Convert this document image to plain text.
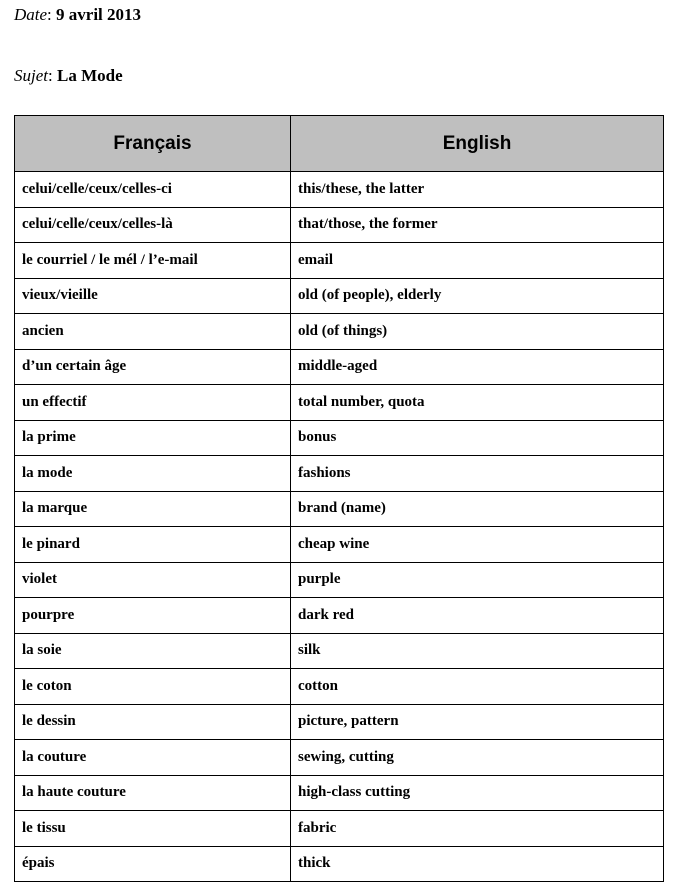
Date: 9 avril 2013
Sujet: La Mode
Français	English
celui/celle/ceux/celles-ci	this/these, the latter
celui/celle/ceux/celles-là	that/those, the former
le courriel / le mél / l’e-mail	email
vieux/vieille	old (of people), elderly
ancien	old (of things)
d’un certain âge	middle-aged
un effectif	total number, quota
la prime	bonus
la mode	fashions
la marque	brand (name)
le pinard	cheap wine
violet	purple
pourpre	dark red
la soie	silk
le coton	cotton
le dessin	picture, pattern
la couture	sewing, cutting
la haute couture	high-class cutting
le tissu	fabric
épais	thick
